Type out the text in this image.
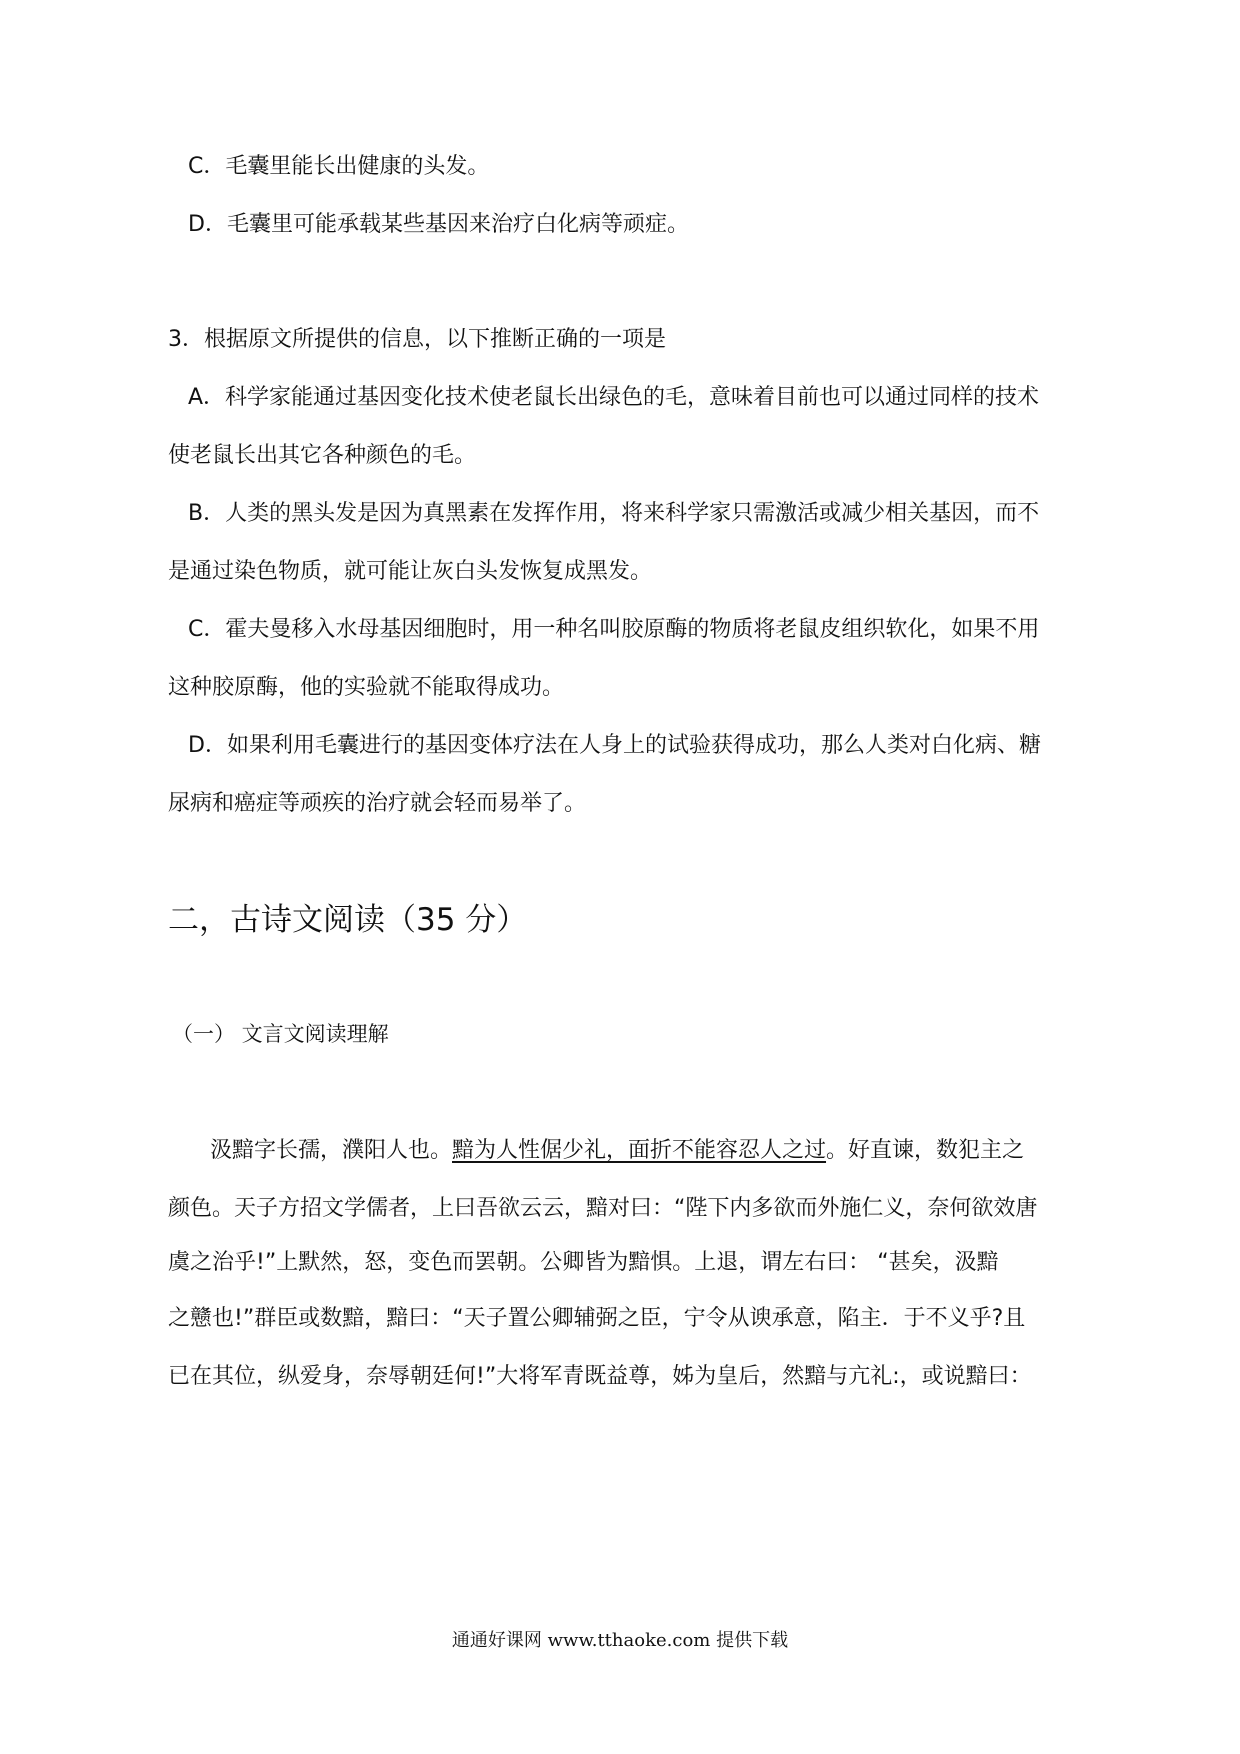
C．毛囊里能长出健康的头发。
D．毛囊里可能承载某些基因来治疗白化病等顽症。
3．根据原文所提供的信息，以下推断正确的一项是
A．科学家能通过基因变化技术使老鼠长出绿色的毛，意味着目前也可以通过同样的技术
使老鼠长出其它各种颜色的毛。
B．人类的黑头发是因为真黑素在发挥作用，将来科学家只需激活或减少相关基因，而不
是通过染色物质，就可能让灰白头发恢复成黑发。
C．霍夫曼移入水母基因细胞时，用一种名叫胶原酶的物质将老鼠皮组织软化，如果不用
这种胶原酶，他的实验就不能取得成功。
D．如果利用毛囊进行的基因变体疗法在人身上的试验获得成功，那么人类对白化病、糖
尿病和癌症等顽疾的治疗就会轻而易举了。
二，古诗文阅读（35 分）
（一） 文言文阅读理解
汲黯字长孺，濮阳人也。黯为人性倨少礼，面折不能容忍人之过。好直谏，数犯主之
颜色。天子方招文学儒者，上曰吾欲云云，黯对曰：“陛下内多欲而外施仁义，奈何欲效唐
虞之治乎!”上默然，怒，变色而罢朝。公卿皆为黯惧。上退，谓左右曰： “甚矣，汲黯
之戆也!”群臣或数黯，黯曰：“天子置公卿辅弼之臣，宁令从谀承意，陷主．于不义乎?且
已在其位，纵爱身，奈辱朝廷何!”大将军青既益尊，姊为皇后，然黯与亢礼:，或说黯曰：
通通好课网 www.tthaoke.com 提供下载
